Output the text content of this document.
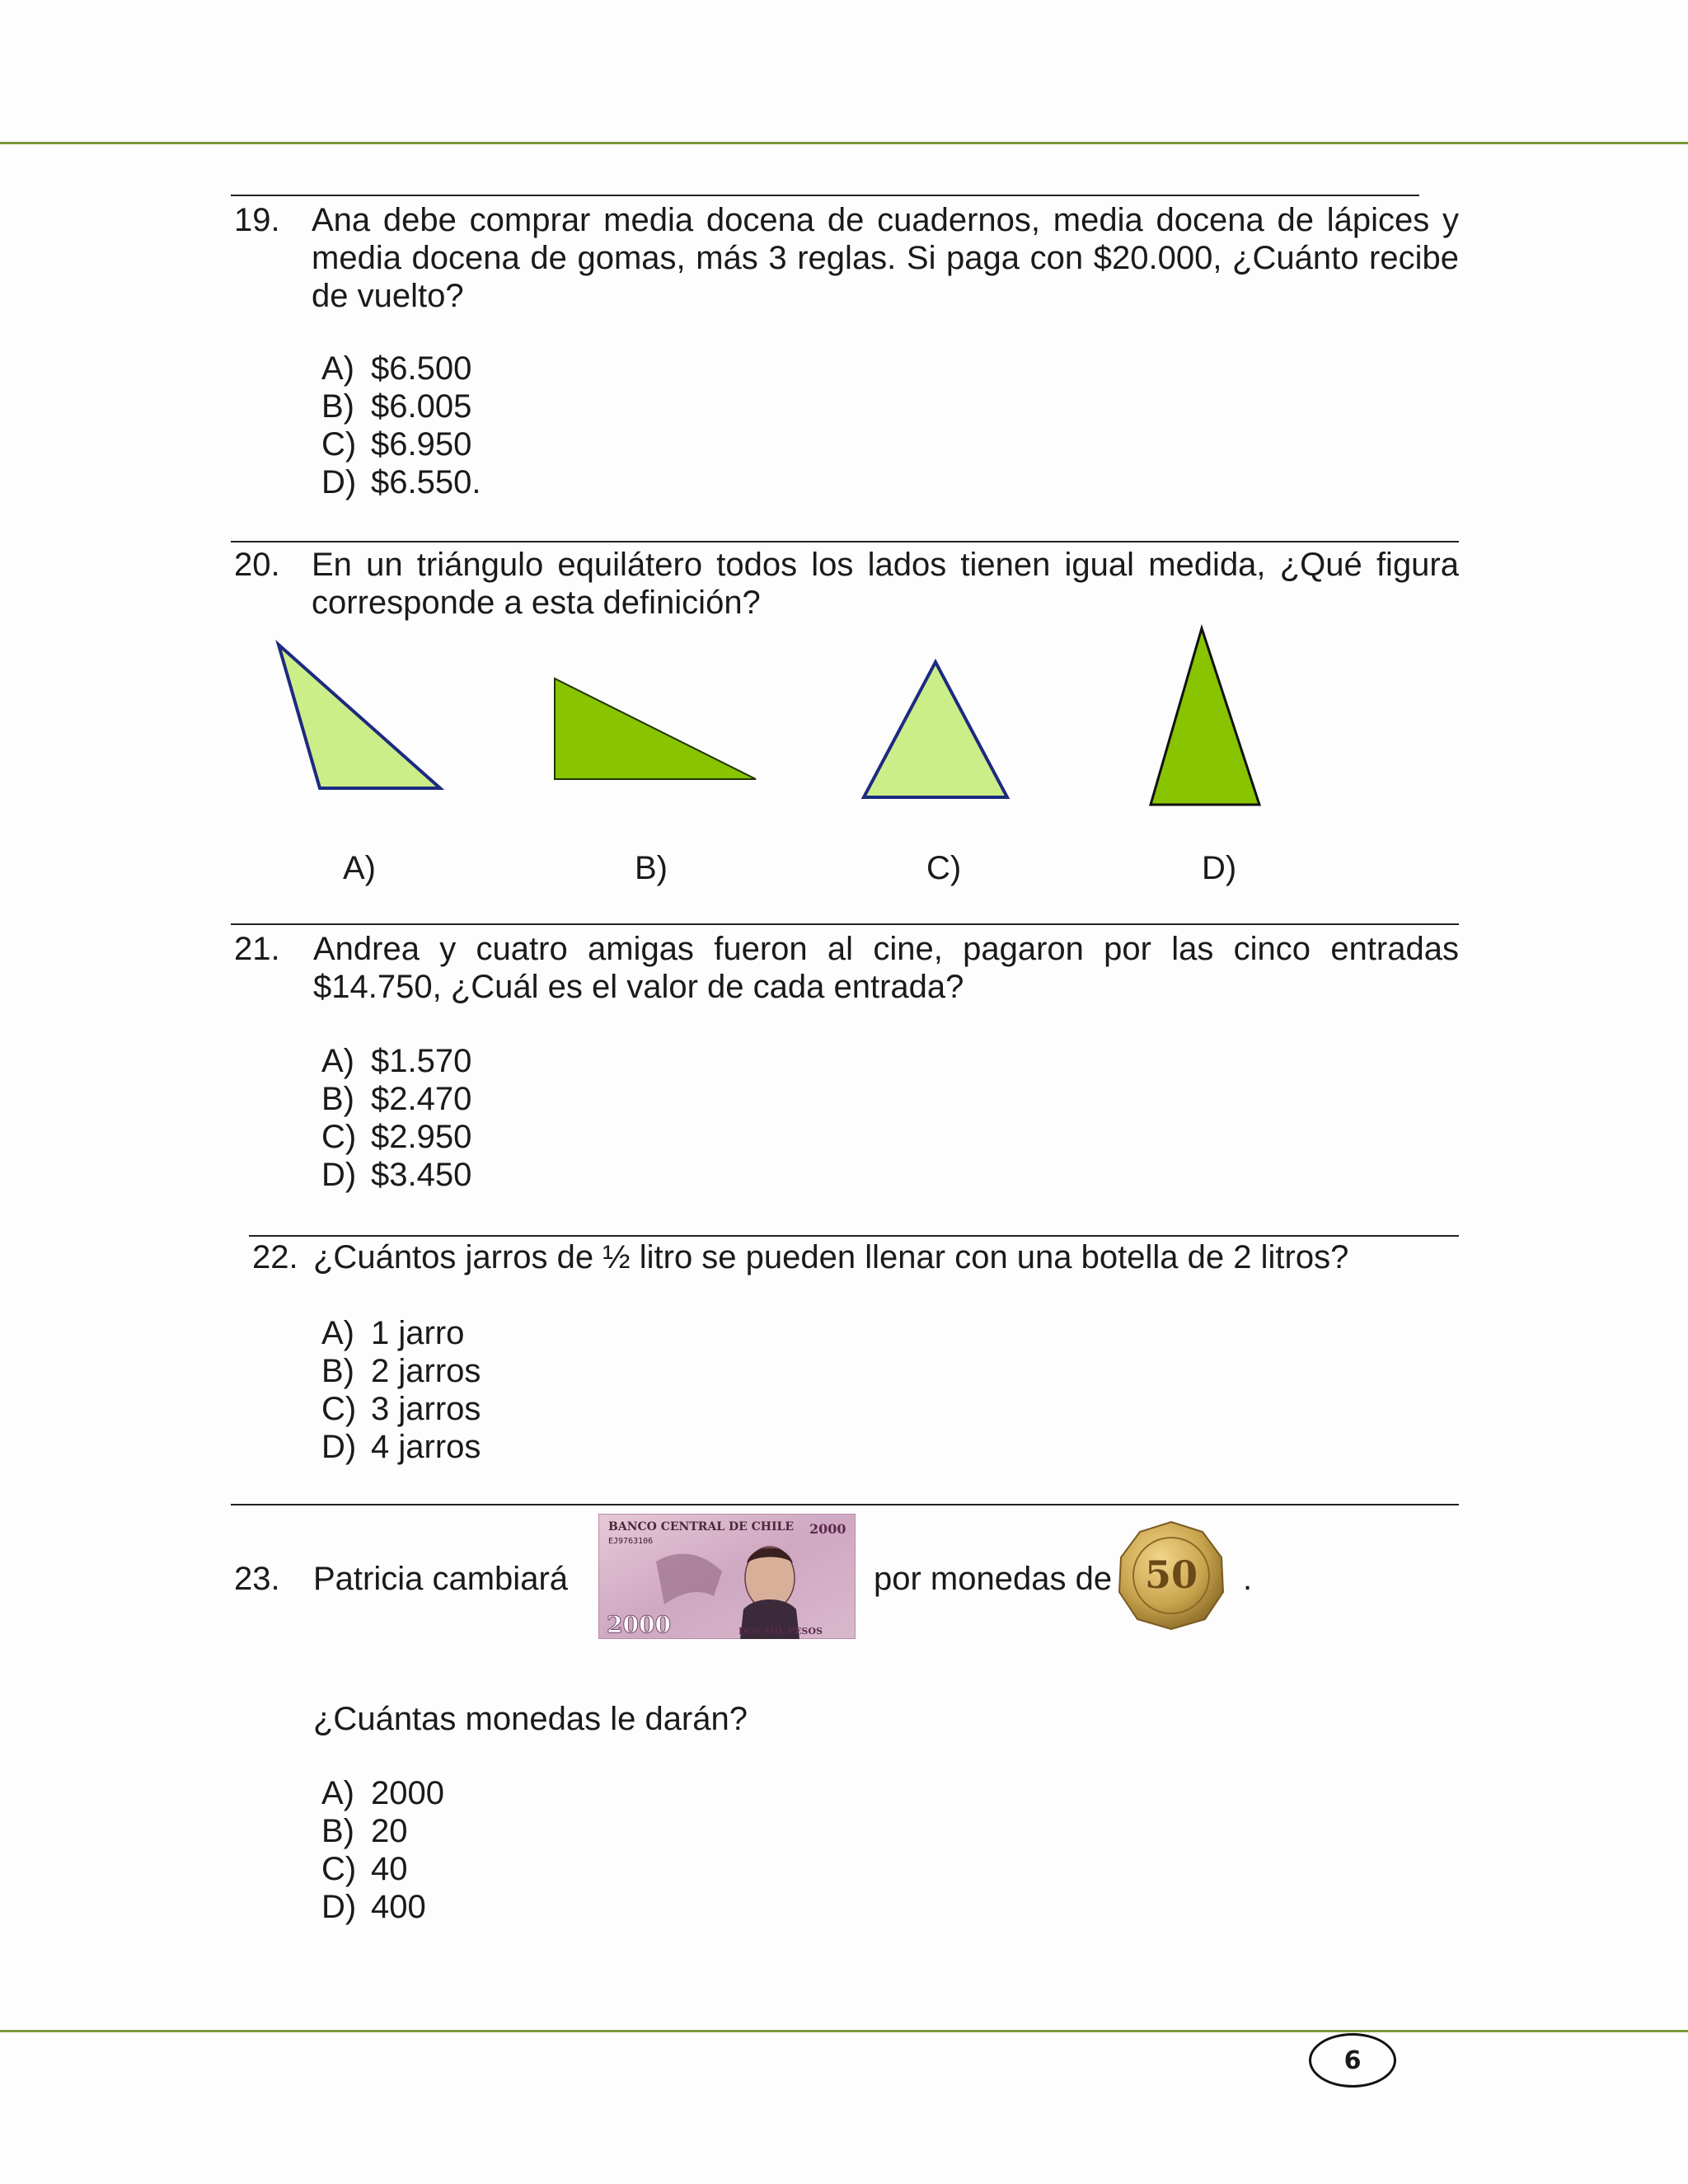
19. Ana debe comprar media docena de cuadernos, media docena de lápices y media docena de gomas, más 3 reglas. Si paga con $20.000, ¿Cuánto recibe de vuelto?
A) $6.500
B) $6.005
C) $6.950
D) $6.550.
20. En un triángulo equilátero todos los lados tienen igual medida, ¿Qué figura corresponde a esta definición?
A)	B)	C)	D)
21. Andrea y cuatro amigas fueron al cine, pagaron por las cinco entradas $14.750, ¿Cuál es el valor de cada entrada?
A) $1.570
B) $2.470
C) $2.950
D) $3.450
22. ¿Cuántos jarros de ½ litro se pueden llenar con una botella de 2 litros?
A) 1 jarro
B) 2 jarros
C) 3 jarros
D) 4 jarros
23. Patricia cambiará
BANCO CENTRAL DE CHILE
EJ9763106
2000
2000	DOS MIL PESOS
por monedas de 50 .
¿Cuántas monedas le darán?
A) 2000
B) 20
C) 40
D) 400
6
